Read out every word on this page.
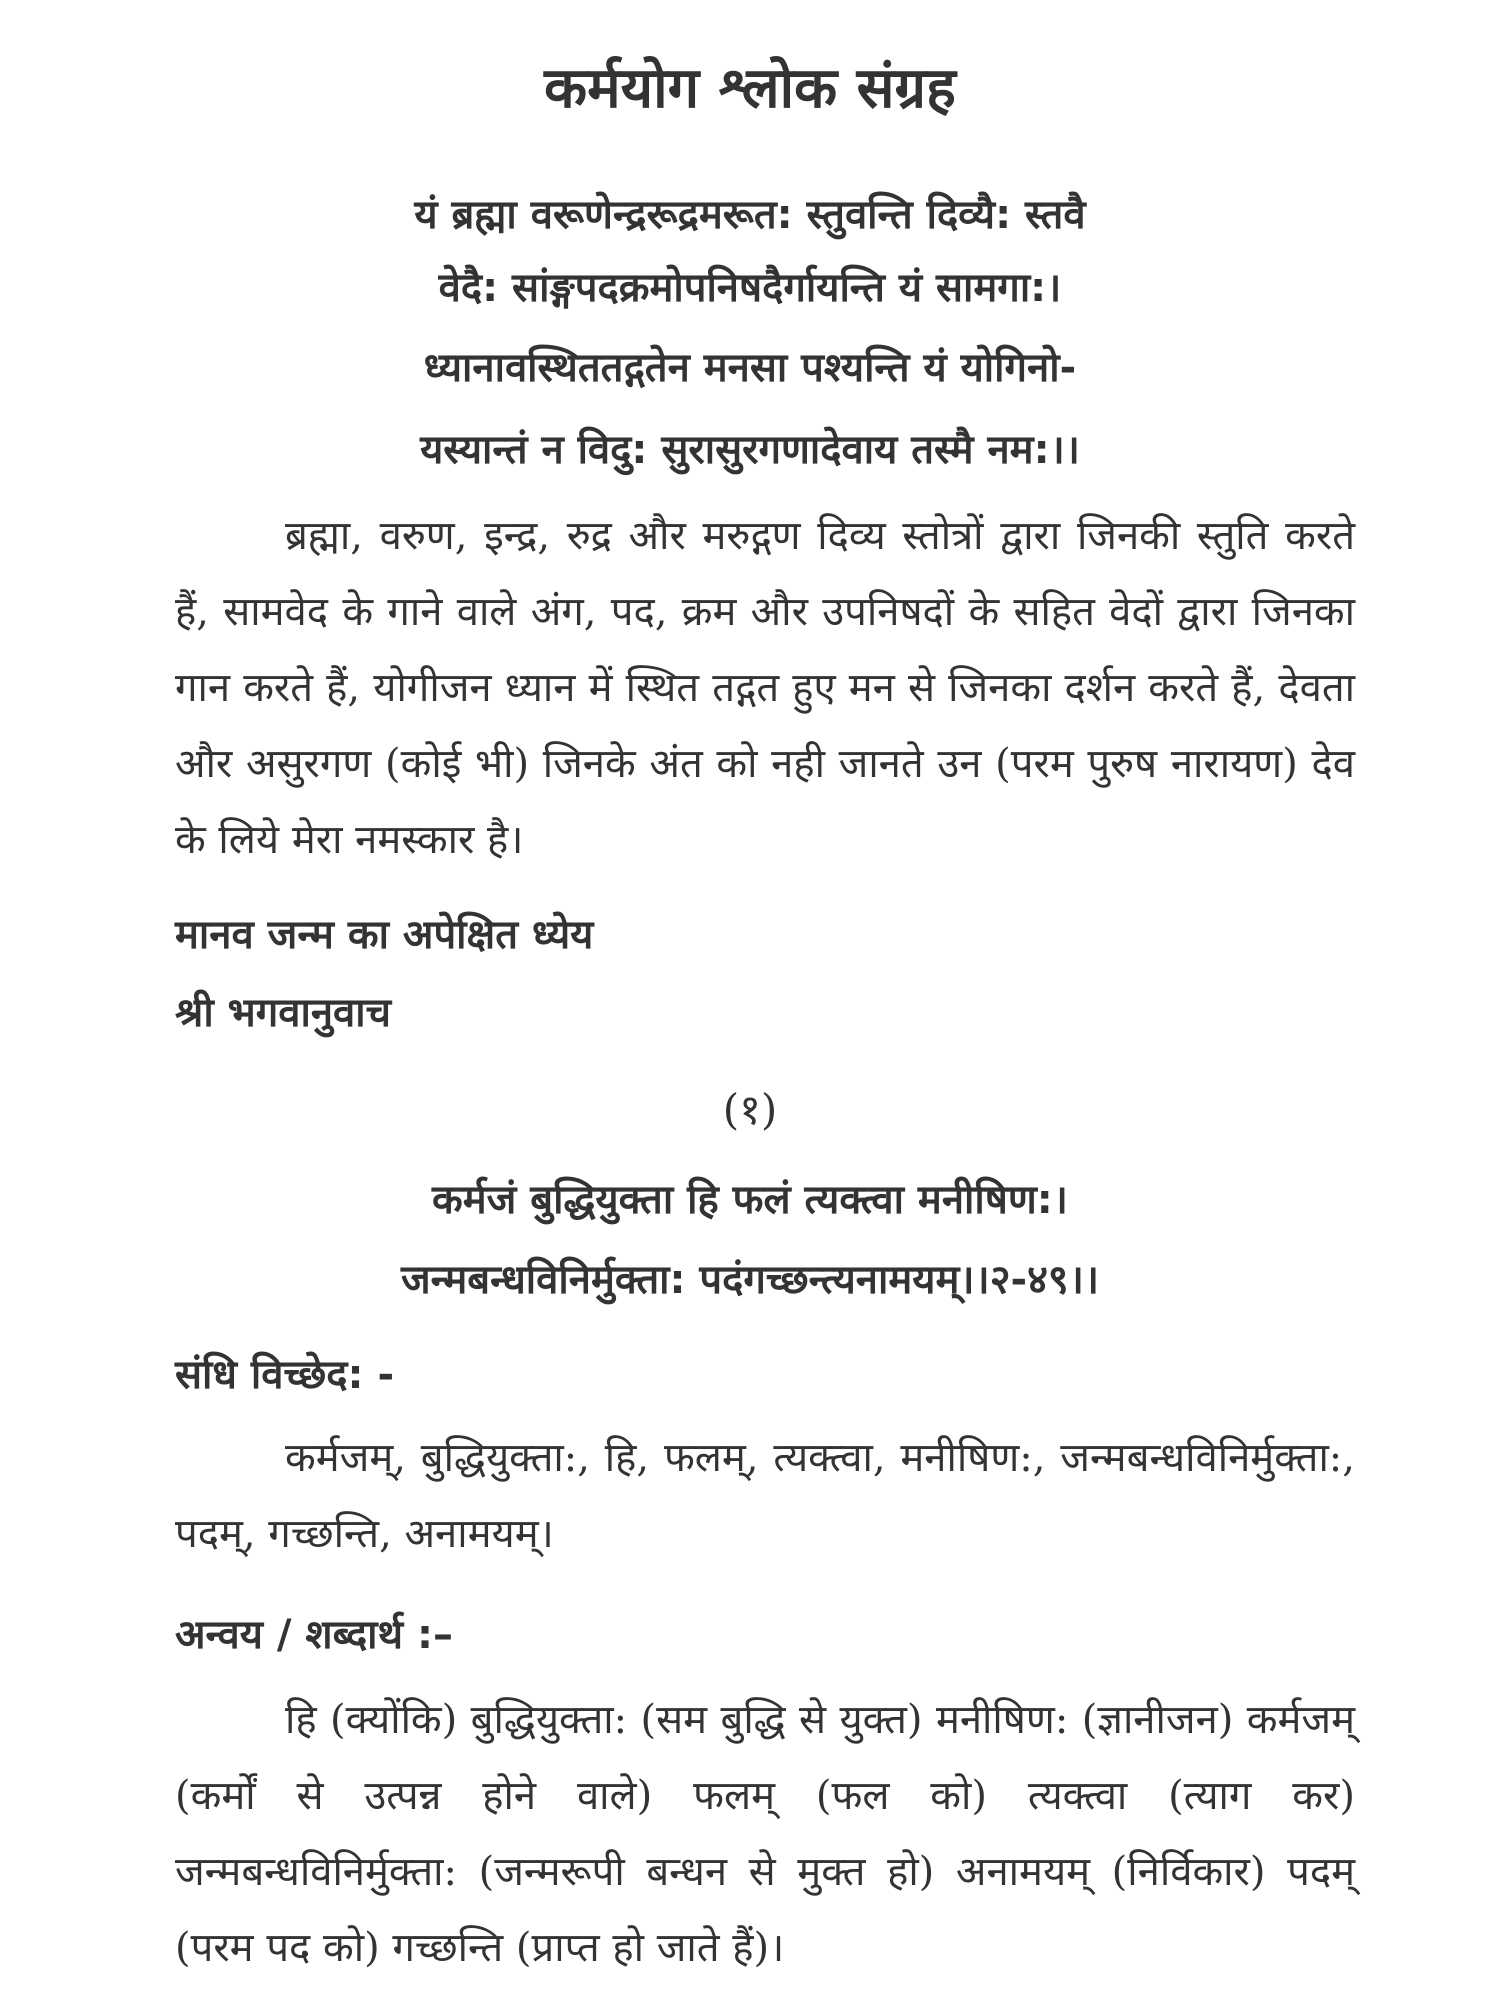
कर्मयोग श्लोक संग्रह
यं ब्रह्मा वरूणेन्द्ररूद्रमरूत: स्तुवन्ति दिव्यै: स्तवै
वेदै: सांङ्गपदक्रमोपनिषदैर्गायन्ति यं सामगा:।
ध्यानावस्थिततद्गतेन मनसा पश्यन्ति यं योगिनो-
यस्यान्तं न विदु: सुरासुरगणादेवाय तस्मै नम:।।
ब्रह्मा, वरुण, इन्द्र, रुद्र और मरुद्गण दिव्य स्तोत्रों द्वारा जिनकी स्तुति करते हैं, सामवेद के गाने वाले अंग, पद, क्रम और उपनिषदों के सहित वेदों द्वारा जिनका गान करते हैं, योगीजन ध्यान में स्थित तद्गत हुए मन से जिनका दर्शन करते हैं, देवता और असुरगण (कोई भी) जिनके अंत को नही जानते उन (परम पुरुष नारायण) देव के लिये मेरा नमस्कार है।
मानव जन्म का अपेक्षित ध्येय
श्री भगवानुवाच
(१)
कर्मजं बुद्धियुक्ता हि फलं त्यक्त्वा मनीषिण:।
जन्मबन्धविनिर्मुक्ता: पदंगच्छन्त्यनामयम्।।२-४९।।
संधि विच्छेद: -
कर्मजम्, बुद्धियुक्ता:, हि, फलम्, त्यक्त्वा, मनीषिण:, जन्मबन्धविनिर्मुक्ता:, पदम्, गच्छन्ति, अनामयम्।
अन्वय / शब्दार्थ :–
हि (क्योंकि) बुद्धियुक्ता: (सम बुद्धि से युक्त) मनीषिण: (ज्ञानीजन) कर्मजम् (कर्मों से उत्पन्न होने वाले) फलम् (फल को) त्यक्त्वा (त्याग कर) जन्मबन्धविनिर्मुक्ता: (जन्मरूपी बन्धन से मुक्त हो) अनामयम् (निर्विकार) पदम् (परम पद को) गच्छन्ति (प्राप्त हो जाते हैं)।
